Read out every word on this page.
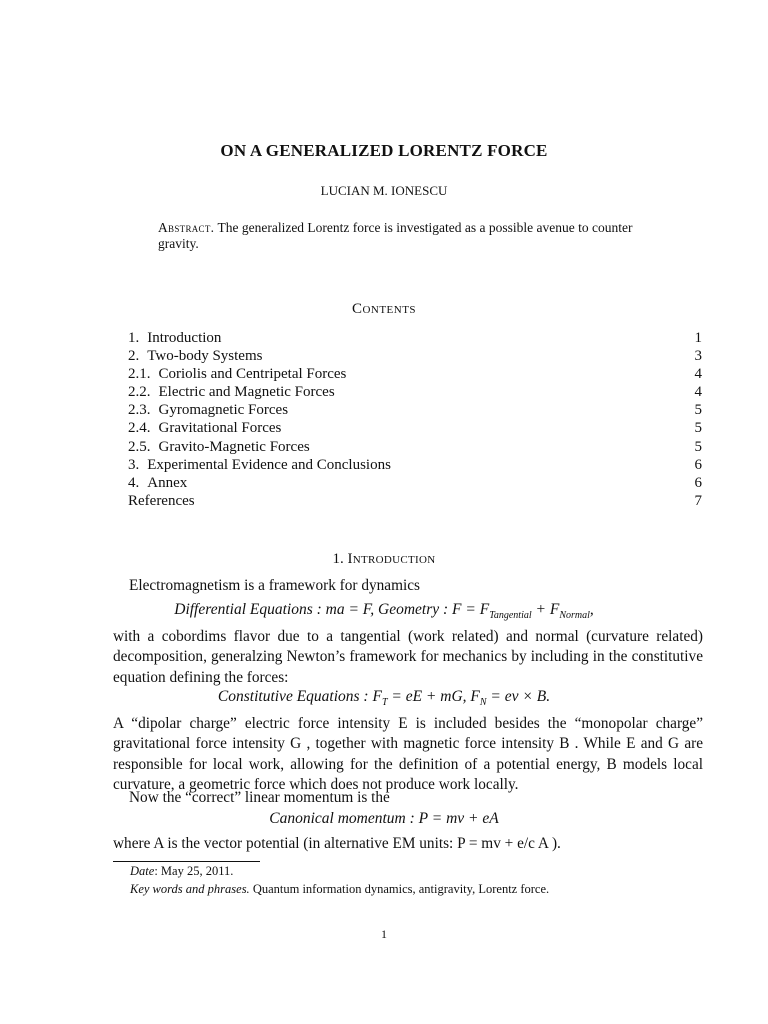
ON A GENERALIZED LORENTZ FORCE
LUCIAN M. IONESCU
Abstract. The generalized Lorentz force is investigated as a possible avenue to counter
gravity.
Contents
1. Introduction	1
2. Two-body Systems	3
2.1. Coriolis and Centripetal Forces	4
2.2. Electric and Magnetic Forces	4
2.3. Gyromagnetic Forces	5
2.4. Gravitational Forces	5
2.5. Gravito-Magnetic Forces	5
3. Experimental Evidence and Conclusions	6
4. Annex	6
References	7
1. Introduction
Electromagnetism is a framework for dynamics
Differential Equations : ma = F, Geometry : $F = F_{Tangential} + F_{Normal}$,
with a cobordims flavor due to a tangential (work related) and normal (curvature related) decomposition, generalzing Newton’s framework for mechanics by including in the constitutive equation defining the forces:
Constitutive Equations : $F_T$ = eE + mG, $F_N$ = ev × B.
A “dipolar charge” electric force intensity E is included besides the “monopolar charge” gravitational force intensity G , together with magnetic force intensity B . While E and G are responsible for local work, allowing for the definition of a potential energy, B models local curvature, a geometric force which does not produce work locally.
Now the “correct” linear momentum is the
Canonical momentum : P = mv + eA
where A is the vector potential (in alternative EM units: P = mv + e/c A ).
Date: May 25, 2011.
Key words and phrases. Quantum information dynamics, antigravity, Lorentz force.
1
